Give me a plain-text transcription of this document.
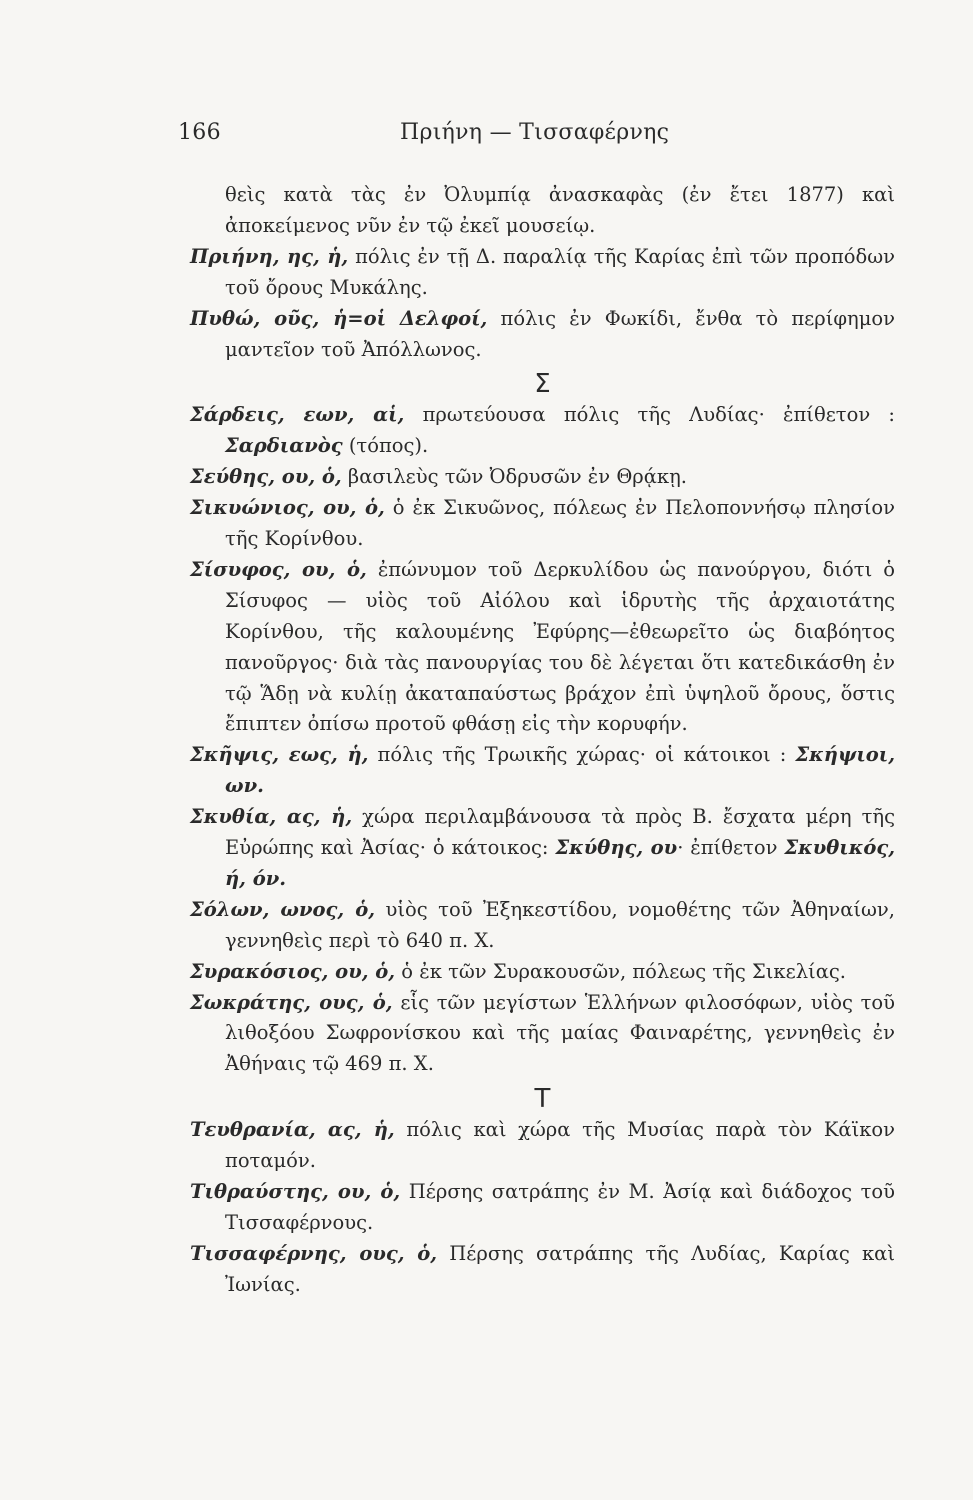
166	Πριήνη — Τισσαφέρνης

θεὶς κατὰ τὰς ἐν Ὀλυμπίᾳ ἀνασκαφὰς (ἐν ἔτει 1877) καὶ ἀποκείμενος νῦν ἐν τῷ ἐκεῖ μουσείῳ.

Πριήνη, ης, ἡ, πόλις ἐν τῇ Δ. παραλίᾳ τῆς Καρίας ἐπὶ τῶν προπόδων τοῦ ὄρους Μυκάλης.

Πυθώ, οῦς, ἡ=οἱ Δελφοί, πόλις ἐν Φωκίδι, ἔνθα τὸ περίφημον μαντεῖον τοῦ Ἀπόλλωνος.

Σ

Σάρδεις, εων, αἱ, πρωτεύουσα πόλις τῆς Λυδίας· ἐπίθετον : Σαρδιανὸς (τόπος).

Σεύθης, ου, ὁ, βασιλεὺς τῶν Ὀδρυσῶν ἐν Θρᾴκῃ.

Σικυώνιος, ου, ὁ, ὁ ἐκ Σικυῶνος, πόλεως ἐν Πελοποννήσῳ πλησίον τῆς Κορίνθου.

Σίσυφος, ου, ὁ, ἐπώνυμον τοῦ Δερκυλίδου ὡς πανούργου, διότι ὁ Σίσυφος — υἱὸς τοῦ Αἰόλου καὶ ἱδρυτὴς τῆς ἀρχαιοτάτης Κορίνθου, τῆς καλουμένης Ἐφύρης—ἐθεωρεῖτο ὡς διαβόητος πανοῦργος· διὰ τὰς πανουργίας του δὲ λέγεται ὅτι κατεδικάσθη ἐν τῷ Ἅδῃ νὰ κυλίῃ ἀκαταπαύστως βράχον ἐπὶ ὑψηλοῦ ὄρους, ὅστις ἔπιπτεν ὀπίσω προτοῦ φθάσῃ εἰς τὴν κορυφήν.

Σκῆψις, εως, ἡ, πόλις τῆς Τρωικῆς χώρας· οἱ κάτοικοι : Σκήψιοι, ων.

Σκυθία, ας, ἡ, χώρα περιλαμβάνουσα τὰ πρὸς Β. ἔσχατα μέρη τῆς Εὐρώπης καὶ Ἀσίας· ὁ κάτοικος: Σκύθης, ου· ἐπίθετον Σκυθικός, ή, όν.

Σόλων, ωνος, ὁ, υἱὸς τοῦ Ἐξηκεστίδου, νομοθέτης τῶν Ἀθηναίων, γεννηθεὶς περὶ τὸ 640 π. Χ.

Συρακόσιος, ου, ὁ, ὁ ἐκ τῶν Συρακουσῶν, πόλεως τῆς Σικελίας.

Σωκράτης, ους, ὁ, εἷς τῶν μεγίστων Ἑλλήνων φιλοσόφων, υἱὸς τοῦ λιθοξόου Σωφρονίσκου καὶ τῆς μαίας Φαιναρέτης, γεννηθεὶς ἐν Ἀθήναις τῷ 469 π. Χ.

Τ

Τευθρανία, ας, ἡ, πόλις καὶ χώρα τῆς Μυσίας παρὰ τὸν Κάϊκον ποταμόν.

Τιθραύστης, ου, ὁ, Πέρσης σατράπης ἐν Μ. Ἀσίᾳ καὶ διάδοχος τοῦ Τισσαφέρνους.

Τισσαφέρνης, ους, ὁ, Πέρσης σατράπης τῆς Λυδίας, Καρίας καὶ Ἰωνίας.
